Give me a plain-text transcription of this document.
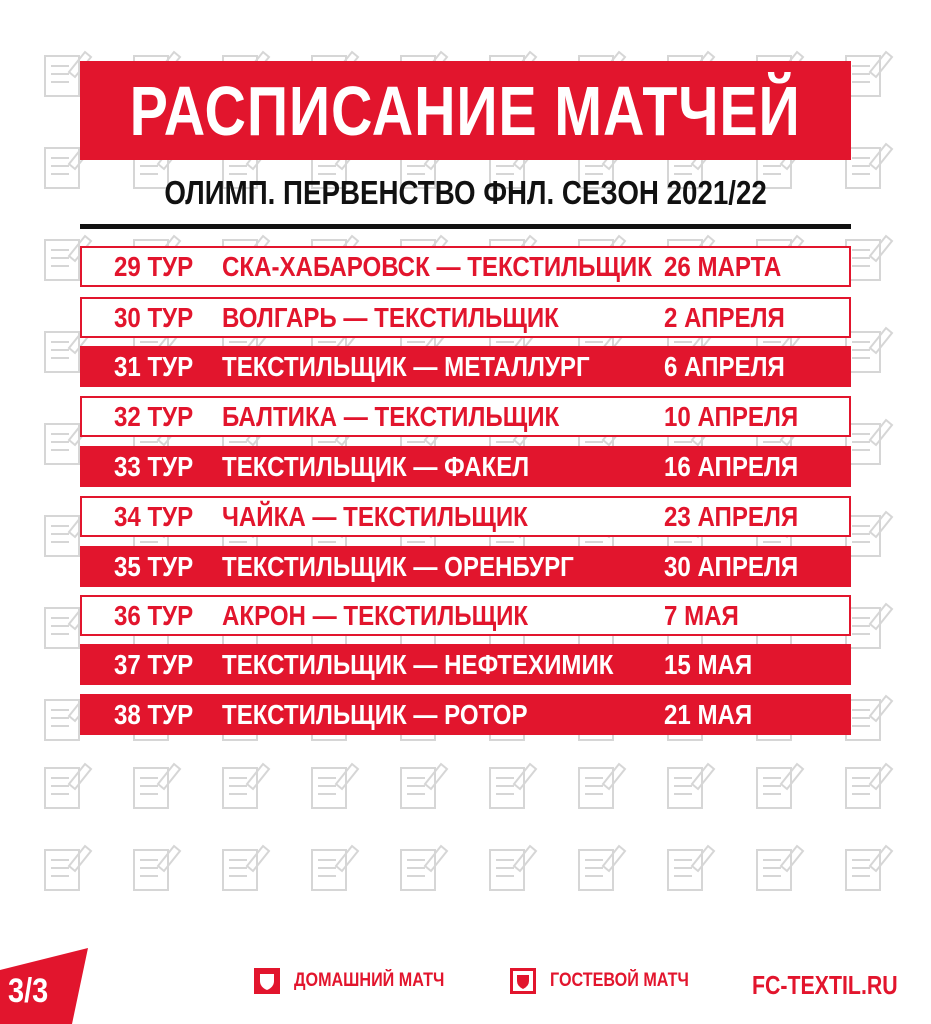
РАСПИСАНИЕ МАТЧЕЙ
ОЛИМП. ПЕРВЕНСТВО ФНЛ. СЕЗОН 2021/22
29 ТУР СКА-ХАБАРОВСК — ТЕКСТИЛЬЩИК 26 МАРТА
30 ТУР ВОЛГАРЬ — ТЕКСТИЛЬЩИК	2 АПРЕЛЯ
31 ТУР ТЕКСТИЛЬЩИК — МЕТАЛЛУРГ	6 АПРЕЛЯ
32 ТУР БАЛТИКА — ТЕКСТИЛЬЩИК	10 АПРЕЛЯ
33 ТУР ТЕКСТИЛЬЩИК — ФАКЕЛ	16 АПРЕЛЯ
34 ТУР ЧАЙКА — ТЕКСТИЛЬЩИК	23 АПРЕЛЯ
35 ТУР ТЕКСТИЛЬЩИК — ОРЕНБУРГ	30 АПРЕЛЯ
36 ТУР АКРОН — ТЕКСТИЛЬЩИК	7 МАЯ
37 ТУР ТЕКСТИЛЬЩИК — НЕФТЕХИМИК 15 МАЯ
38 ТУР ТЕКСТИЛЬЩИК — РОТОР	21 МАЯ
3/3	ДОМАШНИЙ МАТЧ	ГОСТЕВОЙ МАТЧ FC-TEXTIL.RU
